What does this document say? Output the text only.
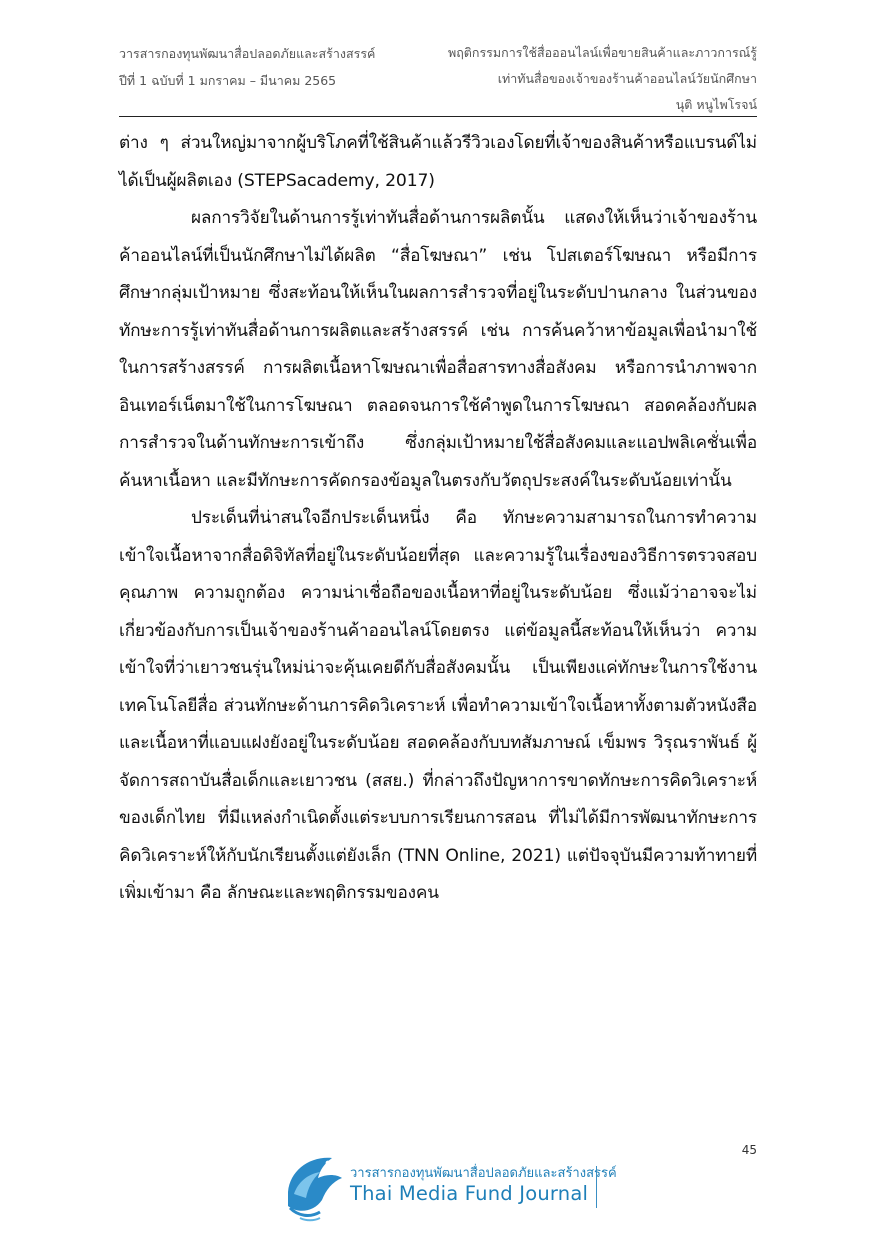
วารสารกองทุนพัฒนาสื่อปลอดภัยและสร้างสรรค์
ปีที่ 1 ฉบับที่ 1 มกราคม – มีนาคม 2565
พฤติกรรมการใช้สื่อออนไลน์เพื่อขายสินค้าและภาวการณ์รู้
เท่าทันสื่อของเจ้าของร้านค้าออนไลน์วัยนักศึกษา
นุติ หนูไพโรจน์

ต่าง ๆ ส่วนใหญ่มาจากผู้บริโภคที่ใช้สินค้าแล้วรีวิวเองโดยที่เจ้าของสินค้าหรือแบรนด์ไม่ได้เป็นผู้ผลิตเอง (STEPSacademy, 2017)

ผลการวิจัยในด้านการรู้เท่าทันสื่อด้านการผลิตนั้น แสดงให้เห็นว่าเจ้าของร้านค้าออนไลน์ที่เป็นนักศึกษาไม่ได้ผลิต “สื่อโฆษณา” เช่น โปสเตอร์โฆษณา หรือมีการศึกษากลุ่มเป้าหมาย ซึ่งสะท้อนให้เห็นในผลการสำรวจที่อยู่ในระดับปานกลาง ในส่วนของทักษะการรู้เท่าทันสื่อด้านการผลิตและสร้างสรรค์ เช่น การค้นคว้าหาข้อมูลเพื่อนำมาใช้ในการสร้างสรรค์ การผลิตเนื้อหาโฆษณาเพื่อสื่อสารทางสื่อสังคม หรือการนำภาพจากอินเทอร์เน็ตมาใช้ในการโฆษณา ตลอดจนการใช้คำพูดในการโฆษณา สอดคล้องกับผลการสำรวจในด้านทักษะการเข้าถึง ซึ่งกลุ่มเป้าหมายใช้สื่อสังคมและแอปพลิเคชั่นเพื่อค้นหาเนื้อหา และมีทักษะการคัดกรองข้อมูลในตรงกับวัตถุประสงค์ในระดับน้อยเท่านั้น

ประเด็นที่น่าสนใจอีกประเด็นหนึ่ง คือ ทักษะความสามารถในการทำความเข้าใจเนื้อหาจากสื่อดิจิทัลที่อยู่ในระดับน้อยที่สุด และความรู้ในเรื่องของวิธีการตรวจสอบคุณภาพ ความถูกต้อง ความน่าเชื่อถือของเนื้อหาที่อยู่ในระดับน้อย ซึ่งแม้ว่าอาจจะไม่เกี่ยวข้องกับการเป็นเจ้าของร้านค้าออนไลน์โดยตรง แต่ข้อมูลนี้สะท้อนให้เห็นว่า ความเข้าใจที่ว่าเยาวชนรุ่นใหม่น่าจะคุ้นเคยดีกับสื่อสังคมนั้น เป็นเพียงแค่ทักษะในการใช้งานเทคโนโลยีสื่อ ส่วนทักษะด้านการคิดวิเคราะห์ เพื่อทำความเข้าใจเนื้อหาทั้งตามตัวหนังสือและเนื้อหาที่แอบแฝงยังอยู่ในระดับน้อย สอดคล้องกับบทสัมภาษณ์ เข็มพร วิรุณราพันธ์ ผู้จัดการสถาบันสื่อเด็กและเยาวชน (สสย.) ที่กล่าวถึงปัญหาการขาดทักษะการคิดวิเคราะห์ของเด็กไทย ที่มีแหล่งกำเนิดตั้งแต่ระบบการเรียนการสอน ที่ไม่ได้มีการพัฒนาทักษะการคิดวิเคราะห์ให้กับนักเรียนตั้งแต่ยังเล็ก (TNN Online, 2021) แต่ปัจจุบันมีความท้าทายที่เพิ่มเข้ามา คือ ลักษณะและพฤติกรรมของคน

45
วารสารกองทุนพัฒนาสื่อปลอดภัยและสร้างสรรค์
Thai Media Fund Journal
